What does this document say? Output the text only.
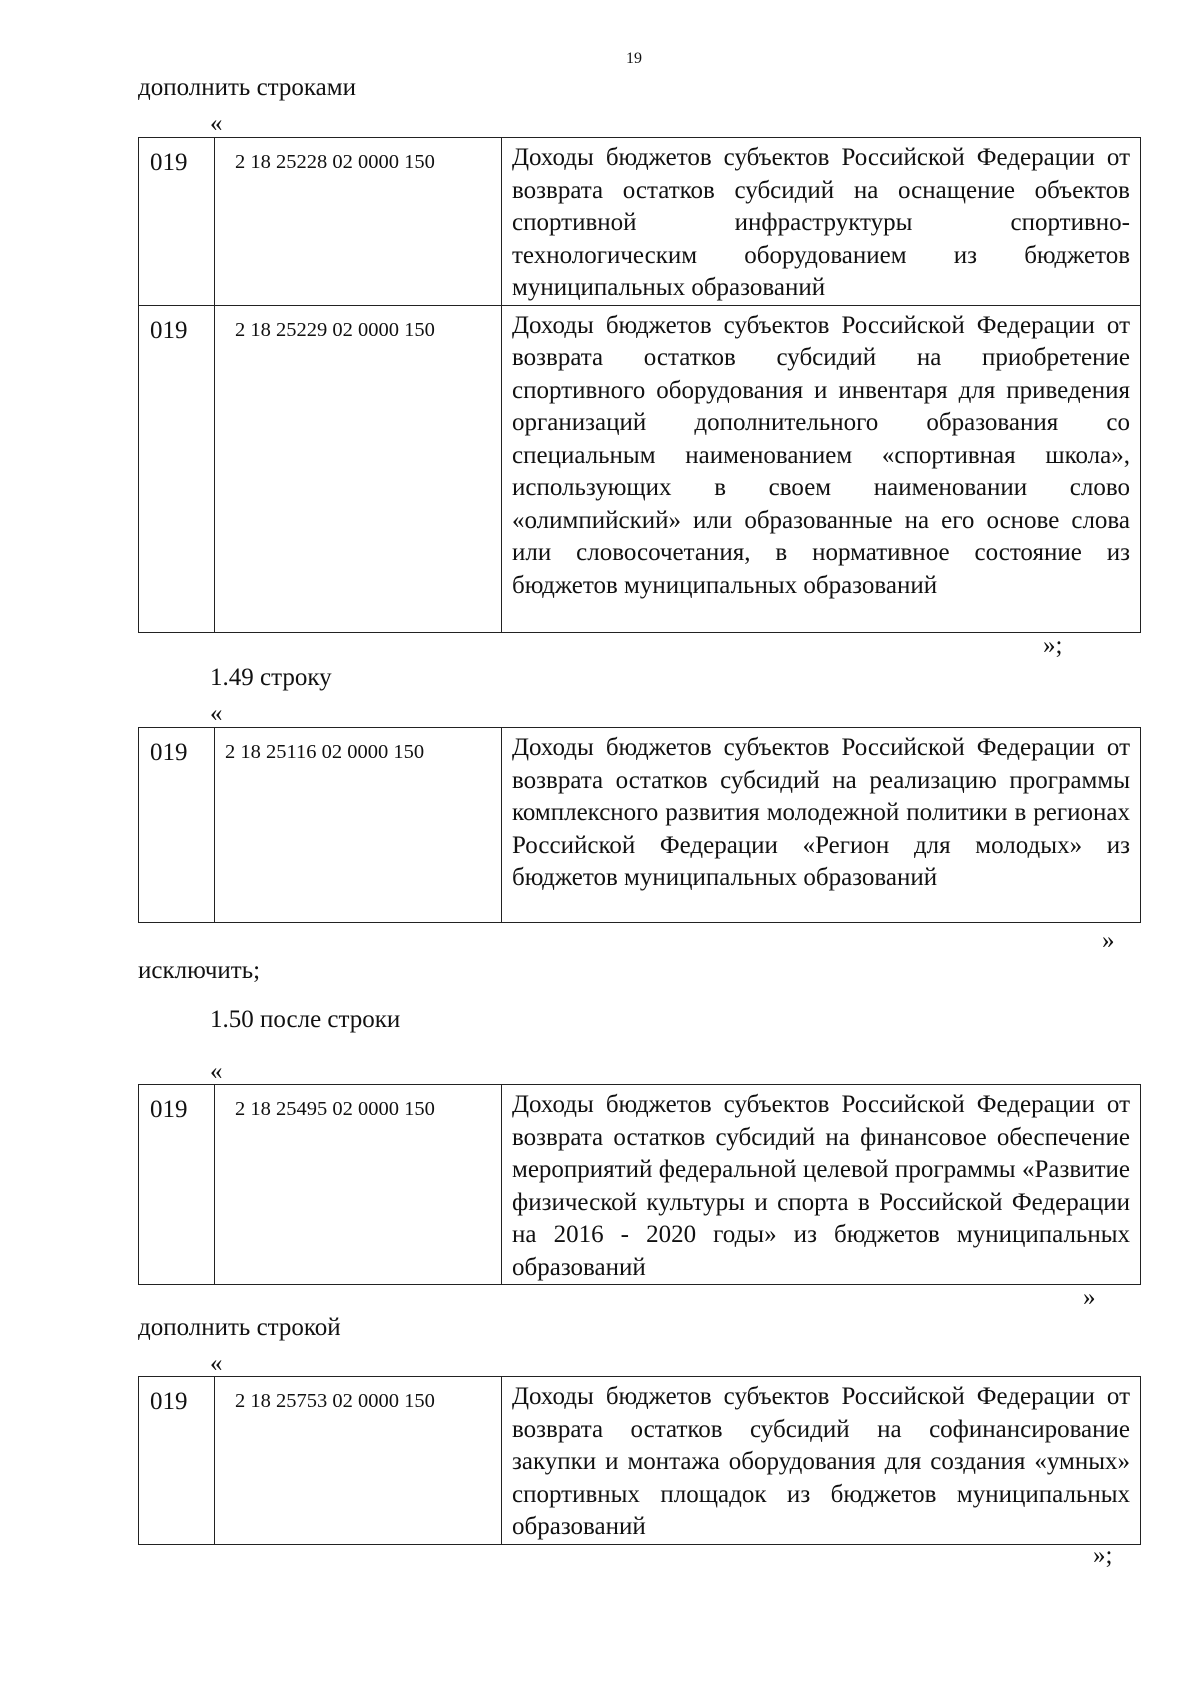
19
дополнить строками
«
019	2 18 25228 02 0000 150	Доходы бюджетов субъектов Российской Федерации от возврата остатков субсидий на оснащение объектов спортивной инфраструктуры спортивно-технологическим оборудованием из бюджетов муниципальных образований

019	2 18 25229 02 0000 150	Доходы бюджетов субъектов Российской Федерации от возврата остатков субсидий на приобретение спортивного оборудования и инвентаря для приведения организаций дополнительного образования со специальным наименованием «спортивная школа», использующих в своем наименовании слово «олимпийский» или образованные на его основе слова или словосочетания, в нормативное состояние из бюджетов муниципальных образований
»;
1.49 строку
«
019	2 18 25116 02 0000 150	Доходы бюджетов субъектов Российской Федерации от возврата остатков субсидий на реализацию программы комплексного развития молодежной политики в регионах Российской Федерации «Регион для молодых» из бюджетов муниципальных образований
»
исключить;
1.50 после строки
«
019	2 18 25495 02 0000 150	Доходы бюджетов субъектов Российской Федерации от возврата остатков субсидий на финансовое обеспечение мероприятий федеральной целевой программы «Развитие физической культуры и спорта в Российской Федерации на 2016 - 2020 годы» из бюджетов муниципальных образований
»
дополнить строкой
«
019	2 18 25753 02 0000 150	Доходы бюджетов субъектов Российской Федерации от возврата остатков субсидий на софинансирование закупки и монтажа оборудования для создания «умных» спортивных площадок из бюджетов муниципальных образований
»;
